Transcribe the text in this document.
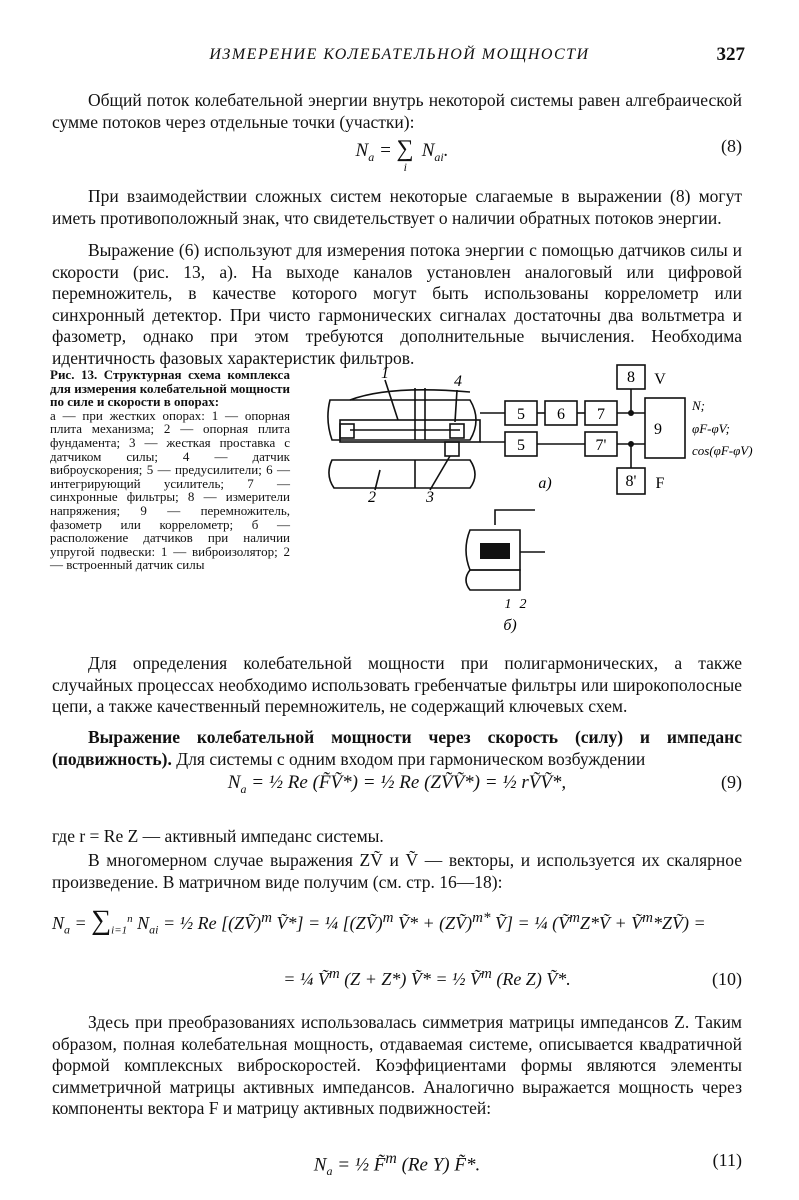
ИЗМЕРЕНИЕ КОЛЕБАТЕЛЬНОЙ МОЩНОСТИ	327

Общий поток колебательной энергии внутрь некоторой системы равен алгебраической сумме потоков через отдельные точки (участки):

$N_a = \sum_i$ $N_{ai}$.	(8)

При взаимодействии сложных систем некоторые слагаемые в выражении (8) могут иметь противоположный знак, что свидетельствует о наличии обратных потоков энергии.

Выражение (6) используют для измерения потока энергии с помощью датчиков силы и скорости (рис. 13, а). На выходе каналов установлен аналоговый или цифровой перемножитель, в качестве которого могут быть использованы коррелометр или синхронный детектор. При чисто гармонических сигналах достаточны два вольтметра и фазометр, однако при этом требуются дополнительные вычисления. Необходима идентичность фазовых характеристик фильтров.

Рис. 13. Структурная схема комплекса для измерения колебательной мощности по силе и скорости в опорах:
а — при жестких опорах: 1 — опорная плита механизма; 2 — опорная плита фундамента; 3 — жесткая проставка с датчиком силы; 4 — датчик виброускорения; 5 — предусилители; 6 — интегрирующий усилитель; 7 — синхронные фильтры; 8 — измерители напряжения; 9 — перемножитель, фазометр или коррелометр; б — расположение датчиков при наличии упругой подвески: 1 — виброизолятор; 2 — встроенный датчик силы
5 6 7
5	7'
9
8
8'
V
F
1	4
2	3
а)
б)
N;
φF-φV;
cos(φF-φV)
1 2

Для определения колебательной мощности при полигармонических, а также случайных процессах необходимо использовать гребенчатые фильтры или широкополосные цепи, а также качественный перемножитель, не содержащий ключевых схем.

Выражение колебательной мощности через скорость (силу) и импеданс (подвижность). Для системы с одним входом при гармоническом возбуждении

$N_a$ = ½ Re (F̃Ṽ*) = ½ Re (ZṼṼ*) = ½ rṼṼ*,	(9)

где r = Re Z — активный импеданс системы.

В многомерном случае выражения ZṼ и Ṽ — векторы, и используется их скалярное произведение. В матричном виде получим (см. стр. 16—18):

$N_a = \sum_{i=1}^n$ $N_{ai}$ = ½ Re [(ZṼ)$^т$ Ṽ*] = ¼ [(ZṼ)$^т$ Ṽ* + (ZṼ)$^{т*}$ Ṽ] = ¼ (Ṽ$^т$Z*Ṽ + Ṽ$^т$*ZṼ) =
= ¼ Ṽ$^т$ (Z + Z*) Ṽ* = ½ Ṽ$^т$ (Re Z) Ṽ*.	(10)

Здесь при преобразованиях использовалась симметрия матрицы импедансов Z. Таким образом, полная колебательная мощность, отдаваемая системе, описывается квадратичной формой комплексных виброскоростей. Коэффициентами формы являются элементы симметричной матрицы активных импедансов. Аналогично выражается мощность через компоненты вектора F и матрицу активных подвижностей:

$N_a$ = ½ F̃$^т$ (Re Y) F̃*.	(11)
